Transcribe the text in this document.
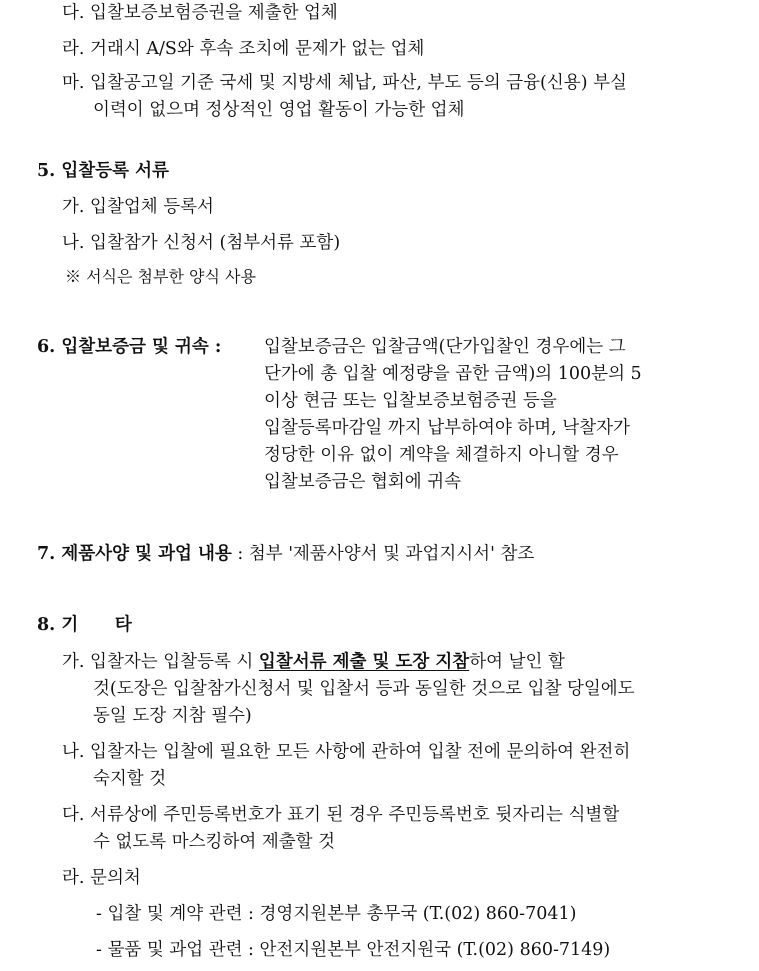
다. 입찰보증보험증권을 제출한 업체
라. 거래시 A/S와 후속 조치에 문제가 없는 업체
마. 입찰공고일 기준 국세 및 지방세 체납, 파산, 부도 등의 금융(신용) 부실
이력이 없으며 정상적인 영업 활동이 가능한 업체
5. 입찰등록 서류
가. 입찰업체 등록서
나. 입찰참가 신청서 (첨부서류 포함)
※ 서식은 첨부한 양식 사용
6. 입찰보증금 및 귀속 : 입찰보증금은 입찰금액(단가입찰인 경우에는 그
단가에 총 입찰 예정량을 곱한 금액)의 100분의 5
이상 현금 또는 입찰보증보험증권 등을
입찰등록마감일 까지 납부하여야 하며, 낙찰자가
정당한 이유 없이 계약을 체결하지 아니할 경우
입찰보증금은 협회에 귀속
7. 제품사양 및 과업 내용 : 첨부 '제품사양서 및 과업지시서' 참조
8. 기      타
가. 입찰자는 입찰등록 시 입찰서류 제출 및 도장 지참하여 날인 할
것(도장은 입찰참가신청서 및 입찰서 등과 동일한 것으로 입찰 당일에도
동일 도장 지참 필수)
나. 입찰자는 입찰에 필요한 모든 사항에 관하여 입찰 전에 문의하여 완전히
숙지할 것
다. 서류상에 주민등록번호가 표기 된 경우 주민등록번호 뒷자리는 식별할
수 없도록 마스킹하여 제출할 것
라. 문의처
- 입찰 및 계약 관련 : 경영지원본부 총무국 (T.(02) 860-7041)
- 물품 및 과업 관련 : 안전지원본부 안전지원국 (T.(02) 860-7149)
